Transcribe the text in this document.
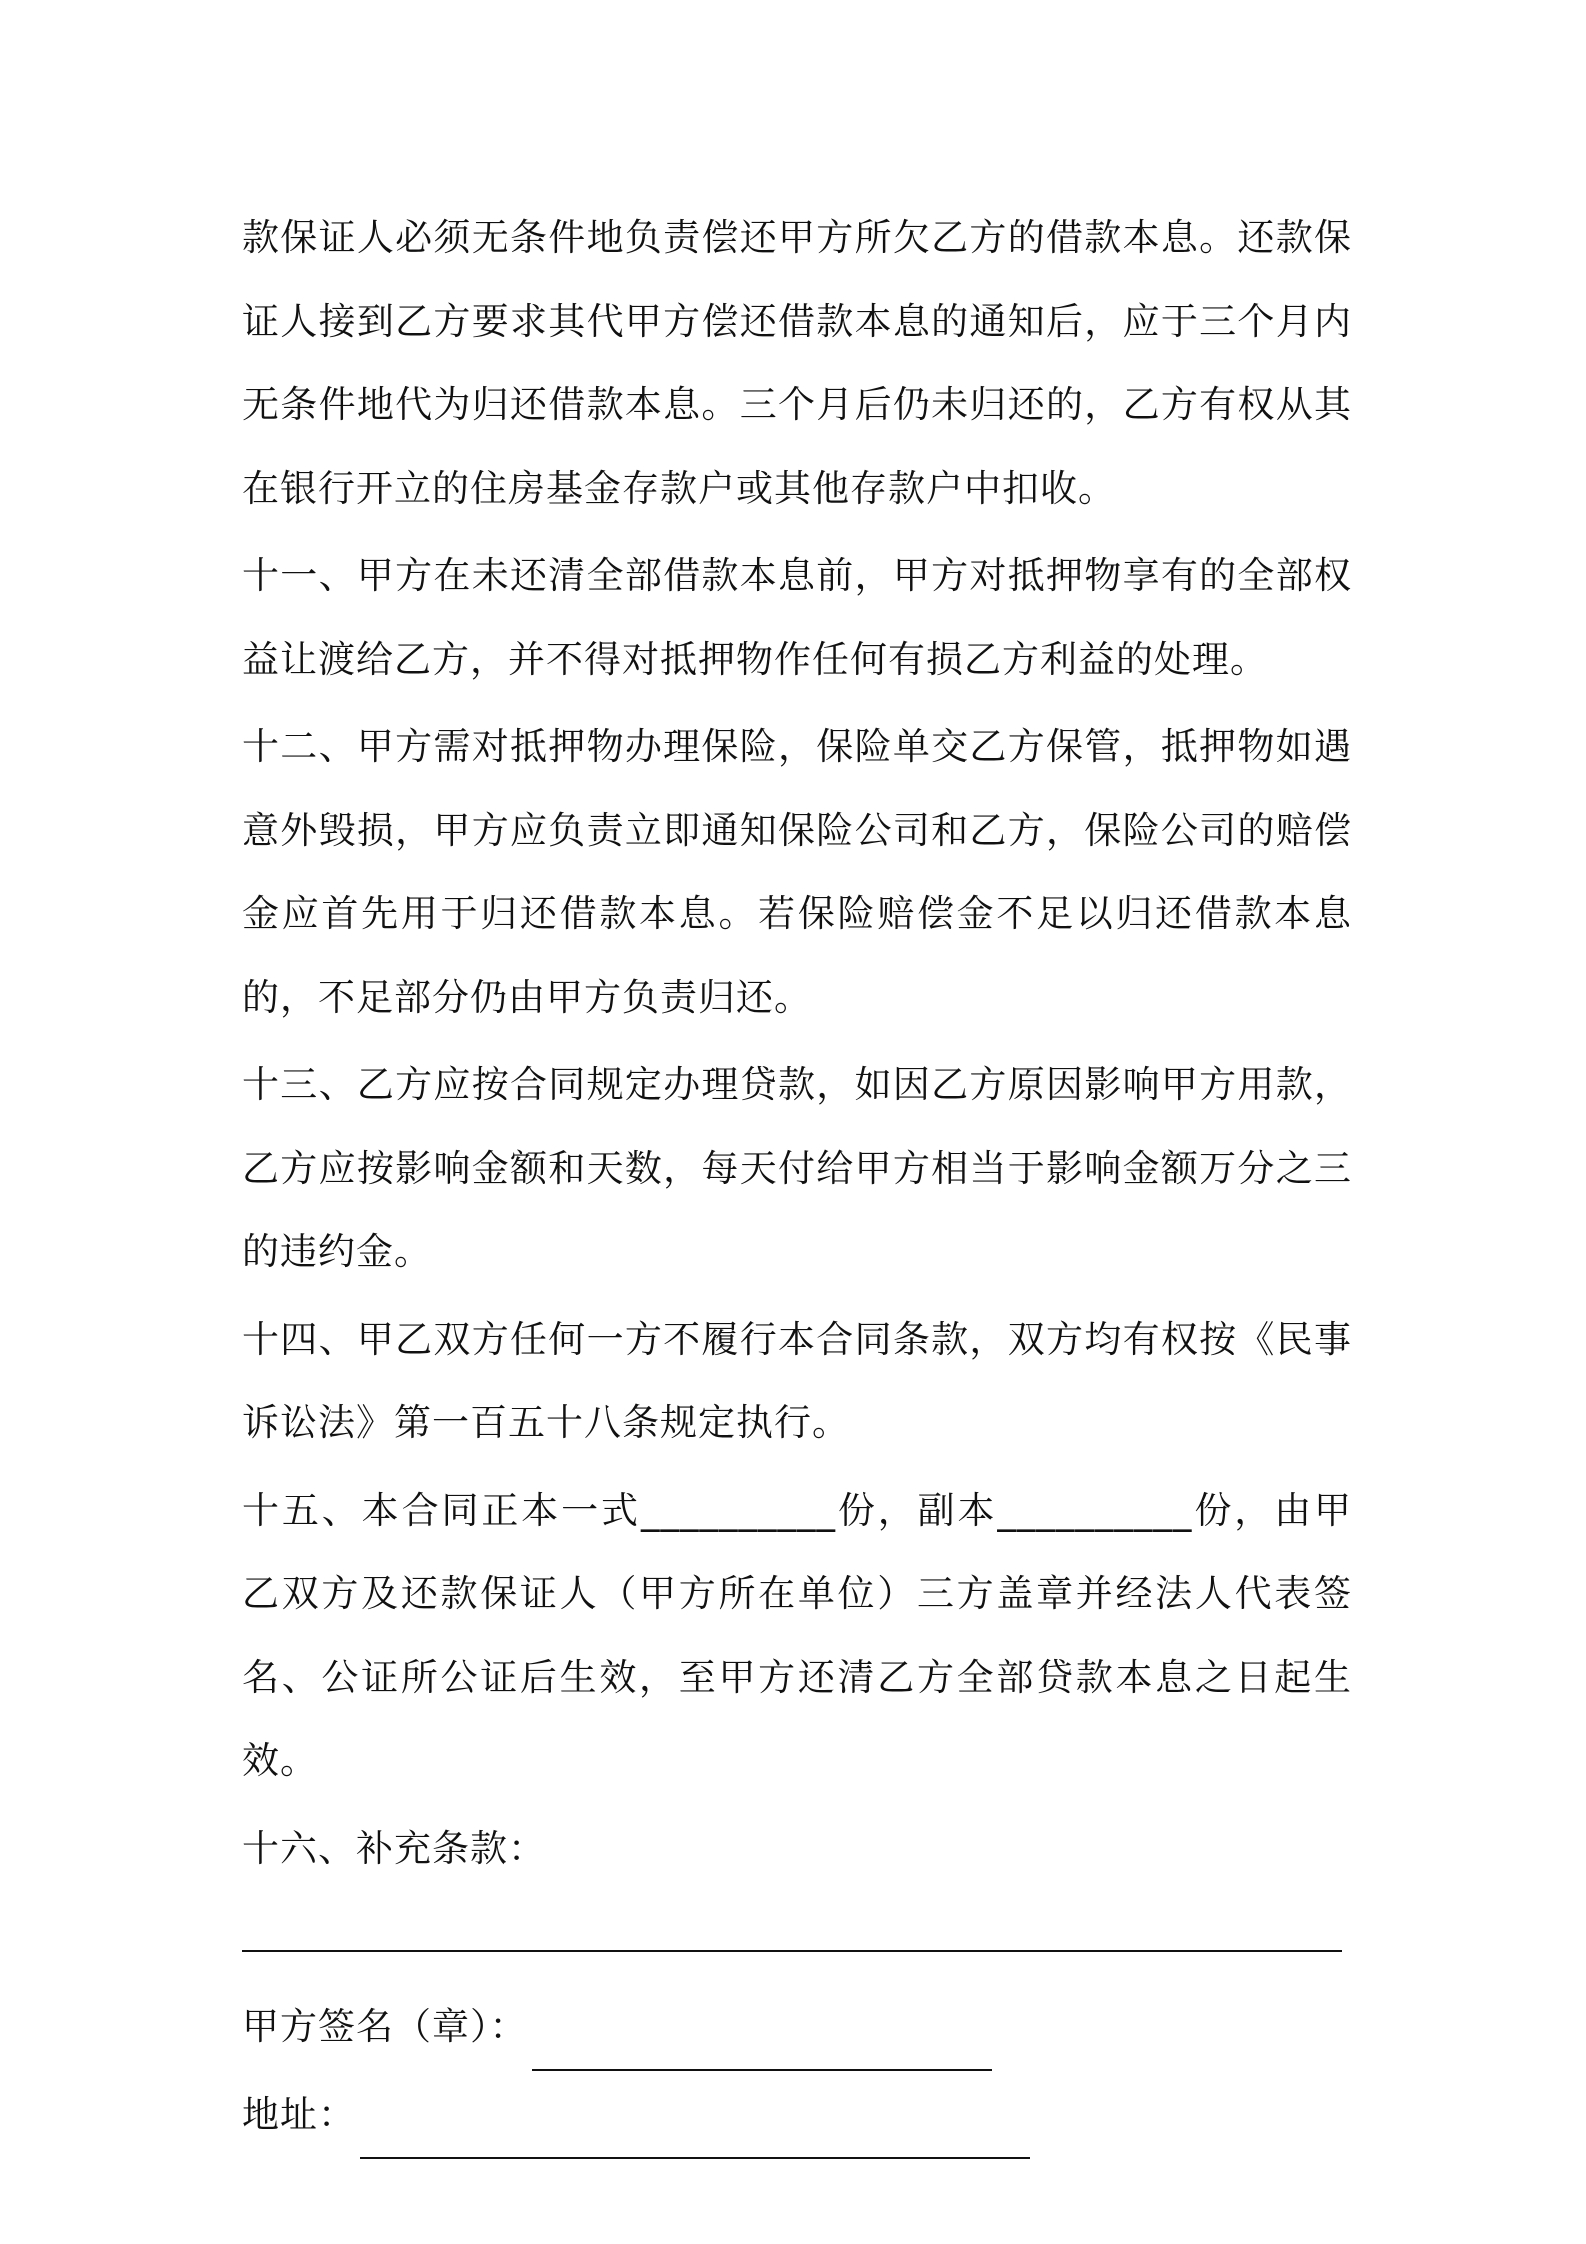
款保证人必须无条件地负责偿还甲方所欠乙方的借款本息。还款保证人接到乙方要求其代甲方偿还借款本息的通知后，应于三个月内无条件地代为归还借款本息。三个月后仍未归还的，乙方有权从其在银行开立的住房基金存款户或其他存款户中扣收。

十一、甲方在未还清全部借款本息前，甲方对抵押物享有的全部权益让渡给乙方，并不得对抵押物作任何有损乙方利益的处理。

十二、甲方需对抵押物办理保险，保险单交乙方保管，抵押物如遇意外毁损，甲方应负责立即通知保险公司和乙方，保险公司的赔偿金应首先用于归还借款本息。若保险赔偿金不足以归还借款本息的，不足部分仍由甲方负责归还。

十三、乙方应按合同规定办理贷款，如因乙方原因影响甲方用款，乙方应按影响金额和天数，每天付给甲方相当于影响金额万分之三的违约金。

十四、甲乙双方任何一方不履行本合同条款，双方均有权按《民事诉讼法》第一百五十八条规定执行。

十五、本合同正本一式__________份，副本__________份，由甲乙双方及还款保证人（甲方所在单位）三方盖章并经法人代表签名、公证所公证后生效，至甲方还清乙方全部贷款本息之日起生效。

十六、补充条款：

甲方签名（章）：
地址：
